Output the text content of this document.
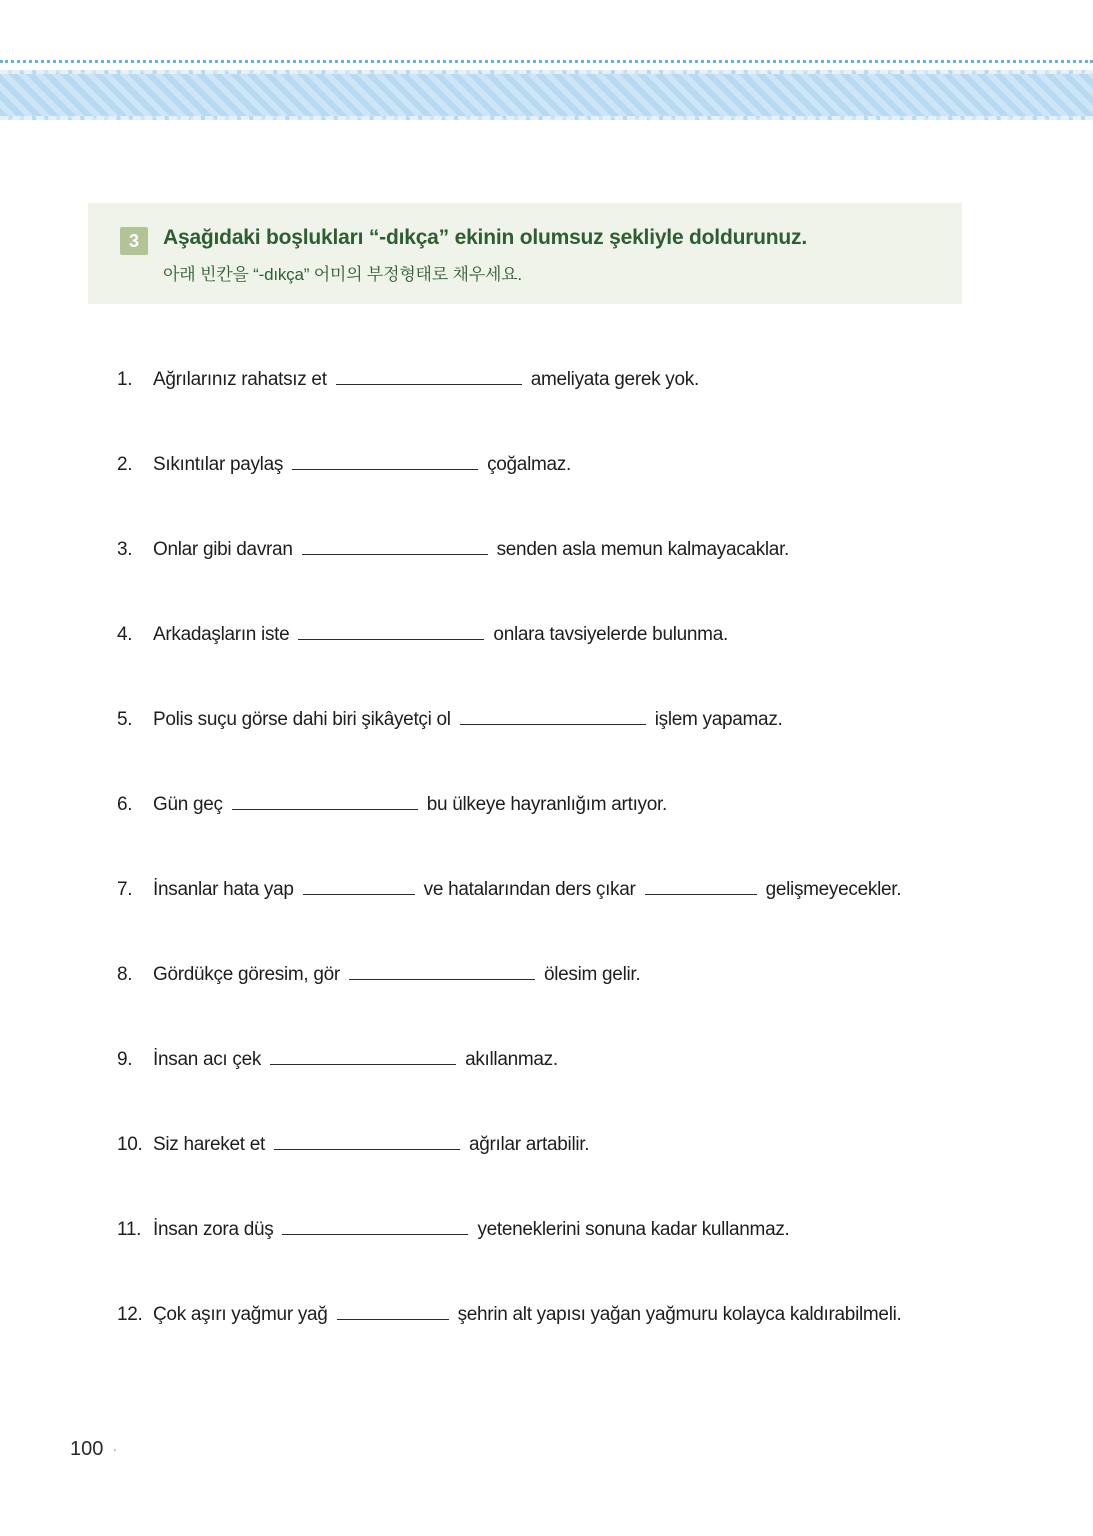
3	Aşağıdaki boşlukları “-dıkça” ekinin olumsuz şekliyle doldurunuz.
아래 빈칸을 “-dıkça” 어미의 부정형태로 채우세요.
1.	Ağrılarınız rahatsız et	ameliyata gerek yok.
2.	Sıkıntılar paylaş	çoğalmaz.
3.	Onlar gibi davran	senden asla memun kalmayacaklar.
4.	Arkadaşların iste	onlara tavsiyelerde bulunma.
5.	Polis suçu görse dahi biri şikâyetçi ol	işlem yapamaz.
6.	Gün geç	bu ülkeye hayranlığım artıyor.
7.	İnsanlar hata yap	ve hatalarından ders çıkar	gelişmeyecekler.
8.	Gördükçe göresim, gör	ölesim gelir.
9.	İnsan acı çek	akıllanmaz.
10. Siz hareket et	ağrılar artabilir.
11. İnsan zora düş	yeteneklerini sonuna kadar kullanmaz.
12. Çok aşırı yağmur yağ	şehrin alt yapısı yağan yağmuru kolayca kaldırabilmeli.
100 ·
